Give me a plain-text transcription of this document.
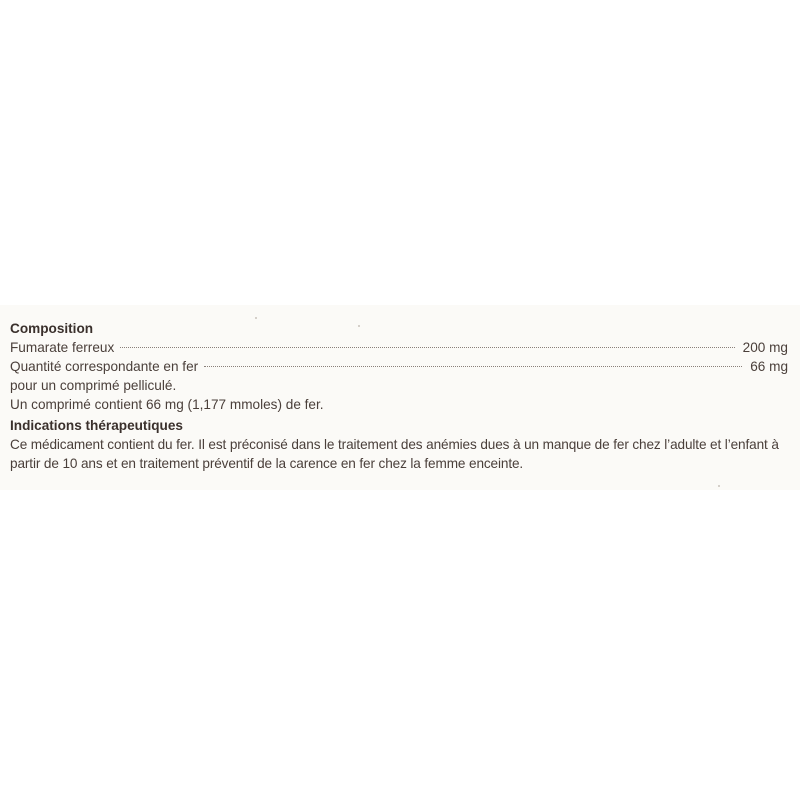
Composition
Fumarate ferreux	200 mg
Quantité correspondante en fer	66 mg
pour un comprimé pelliculé.
Un comprimé contient 66 mg (1,177 mmoles) de fer.
Indications thérapeutiques
Ce médicament contient du fer. Il est préconisé dans le traitement des anémies dues à un manque de fer chez l’adulte et l’enfant à partir de 10 ans et en traitement préventif de la carence en fer chez la femme enceinte.
